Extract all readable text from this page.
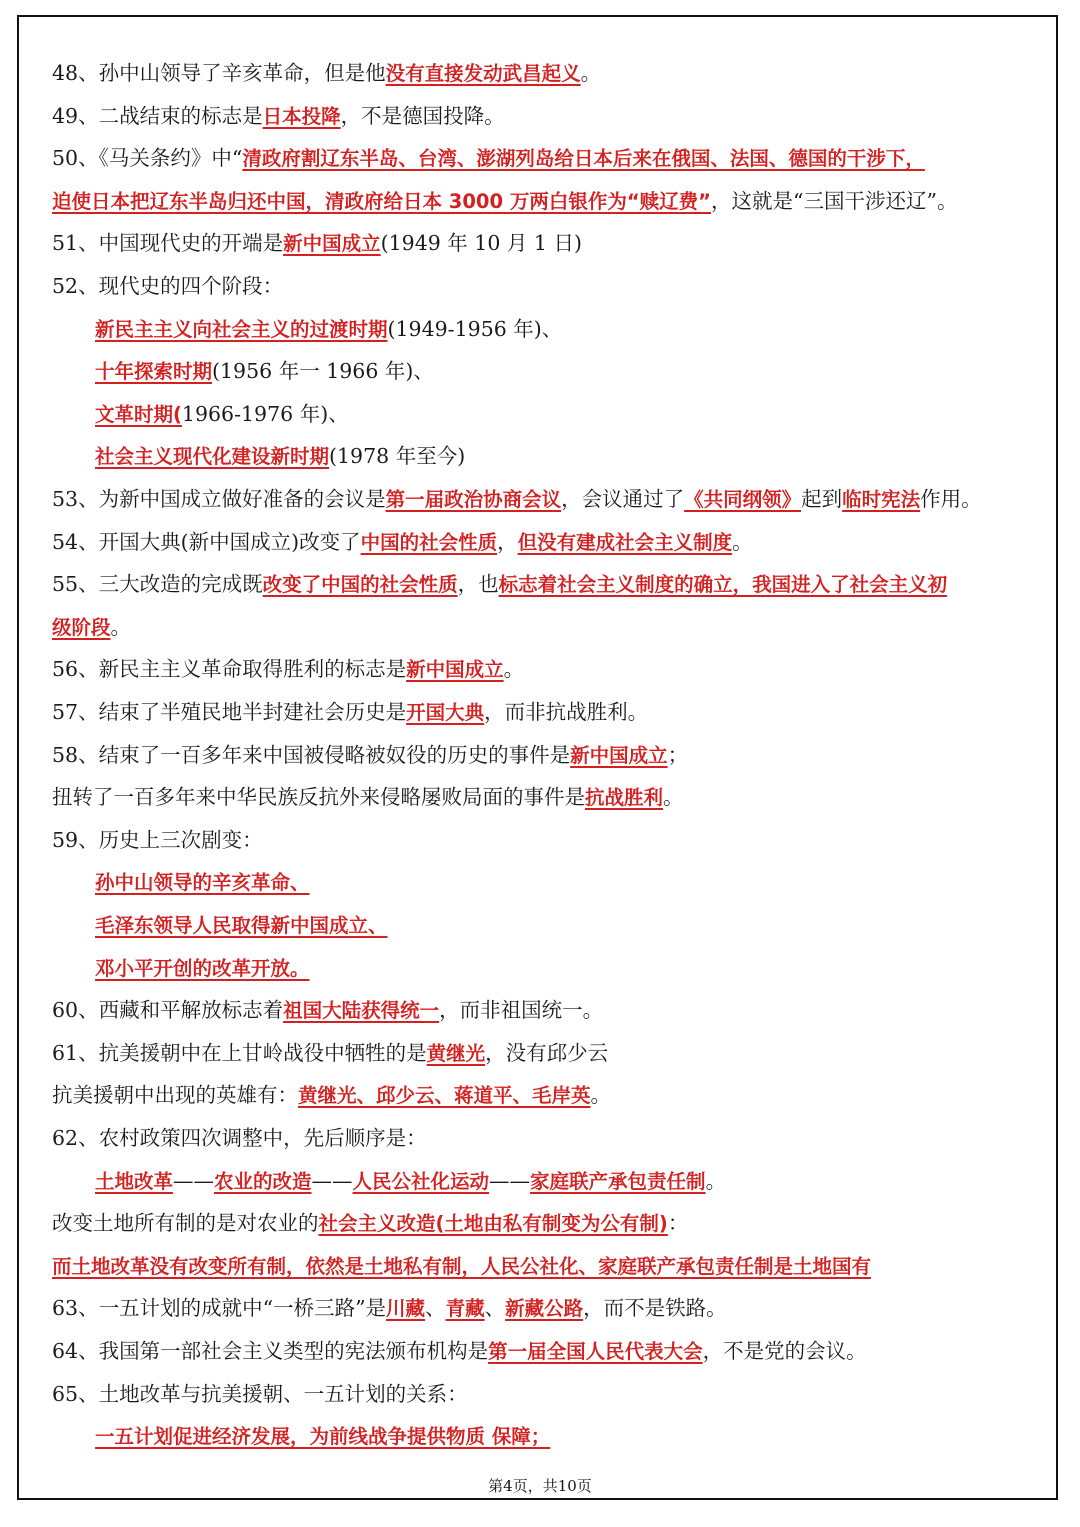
48、孙中山领导了辛亥革命，但是他没有直接发动武昌起义。
49、二战结束的标志是日本投降，不是德国投降。
50、《马关条约》中“清政府割辽东半岛、台湾、澎湖列岛给日本后来在俄国、法国、德国的干涉下，
迫使日本把辽东半岛归还中国，清政府给日本 3000 万两白银作为“赎辽费”，这就是“三国干涉还辽”。
51、中国现代史的开端是新中国成立(1949 年 10 月 1 日)
52、现代史的四个阶段：
新民主主义向社会主义的过渡时期(1949-1956 年)、
十年探索时期(1956 年一 1966 年)、
文革时期(1966-1976 年)、
社会主义现代化建设新时期(1978 年至今)
53、为新中国成立做好准备的会议是第一届政治协商会议，会议通过了《共同纲领》起到临时宪法作用。
54、开国大典(新中国成立)改变了中国的社会性质，但没有建成社会主义制度。
55、三大改造的完成既改变了中国的社会性质，也标志着社会主义制度的确立，我国进入了社会主义初
级阶段。
56、新民主主义革命取得胜利的标志是新中国成立。
57、结束了半殖民地半封建社会历史是开国大典，而非抗战胜利。
58、结束了一百多年来中国被侵略被奴役的历史的事件是新中国成立；
扭转了一百多年来中华民族反抗外来侵略屡败局面的事件是抗战胜利。
59、历史上三次剧变：
孙中山领导的辛亥革命、
毛泽东领导人民取得新中国成立、
邓小平开创的改革开放。
60、西藏和平解放标志着祖国大陆获得统一，而非祖国统一。
61、抗美援朝中在上甘岭战役中牺牲的是黄继光，没有邱少云
抗美援朝中出现的英雄有：黄继光、邱少云、蒋道平、毛岸英。
62、农村政策四次调整中，先后顺序是：
土地改革——农业的改造——人民公社化运动——家庭联产承包责任制。
改变土地所有制的是对农业的社会主义改造(土地由私有制变为公有制)：
而土地改革没有改变所有制，依然是土地私有制，人民公社化、家庭联产承包责任制是土地国有
63、一五计划的成就中“一桥三路”是川藏、青藏、新藏公路，而不是铁路。
64、我国第一部社会主义类型的宪法颁布机构是第一届全国人民代表大会，不是党的会议。
65、土地改革与抗美援朝、一五计划的关系：
一五计划促进经济发展，为前线战争提供物质 保障；
第4页，共10页
